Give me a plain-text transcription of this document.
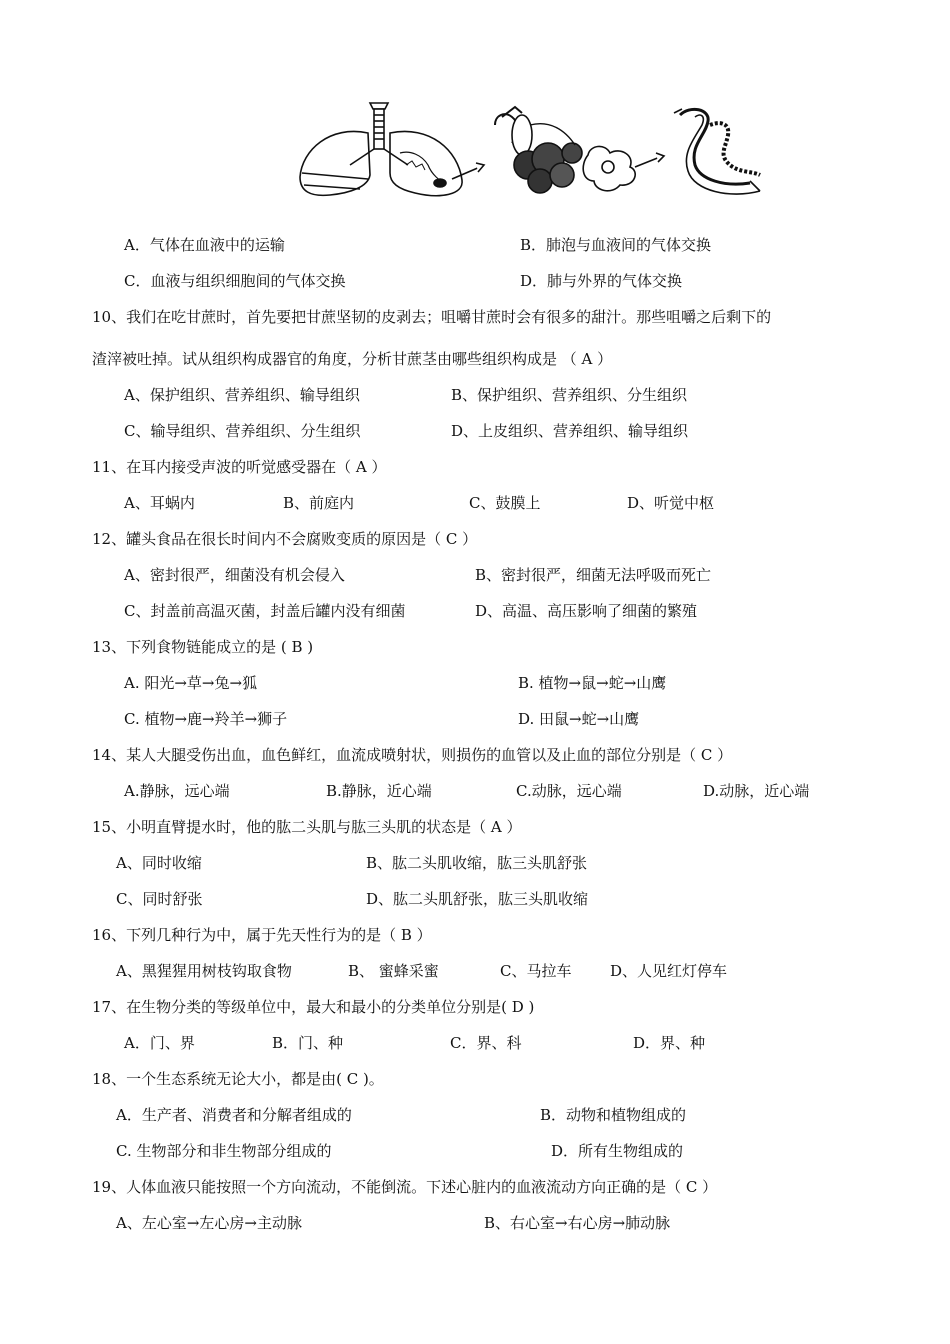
A．气体在血液中的运输	B．肺泡与血液间的气体交换
C．血液与组织细胞间的气体交换	D．肺与外界的气体交换
10、我们在吃甘蔗时，首先要把甘蔗坚韧的皮剥去；咀嚼甘蔗时会有很多的甜汁。那些咀嚼之后剩下的
渣滓被吐掉。试从组织构成器官的角度，分析甘蔗茎由哪些组织构成是 （ A ）
A、保护组织、营养组织、输导组织	B、保护组织、营养组织、分生组织
C、输导组织、营养组织、分生组织	D、上皮组织、营养组织、输导组织
11、在耳内接受声波的听觉感受器在（ A ）
A、耳蜗内	B、前庭内	C、鼓膜上	D、听觉中枢
12、罐头食品在很长时间内不会腐败变质的原因是（ C ）
A、密封很严，细菌没有机会侵入	B、密封很严，细菌无法呼吸而死亡
C、封盖前高温灭菌，封盖后罐内没有细菌	D、高温、高压影响了细菌的繁殖
13、下列食物链能成立的是 ( B )
A. 阳光→草→兔→狐	B. 植物→鼠→蛇→山鹰
C. 植物→鹿→羚羊→狮子	D. 田鼠→蛇→山鹰
14、某人大腿受伤出血，血色鲜红，血流成喷射状，则损伤的血管以及止血的部位分别是（ C ）
A.静脉，远心端	B.静脉，近心端	C.动脉，远心端	D.动脉，近心端
15、小明直臂提水时，他的肱二头肌与肱三头肌的状态是（ A ）
A、同时收缩	B、肱二头肌收缩，肱三头肌舒张
C、同时舒张	D、肱二头肌舒张，肱三头肌收缩
16、下列几种行为中，属于先天性行为的是（ B ）
A、黑猩猩用树枝钩取食物	B、 蜜蜂采蜜	C、马拉车	D、人见红灯停车
17、在生物分类的等级单位中，最大和最小的分类单位分别是( D )
A．门、界	B．门、种	C．界、科	D．界、种
18、一个生态系统无论大小，都是由( C )。
A．生产者、消费者和分解者组成的	B．动物和植物组成的
C. 生物部分和非生物部分组成的	D．所有生物组成的
19、人体血液只能按照一个方向流动，不能倒流。下述心脏内的血液流动方向正确的是（ C ）
A、左心室→左心房→主动脉	B、右心室→右心房→肺动脉
